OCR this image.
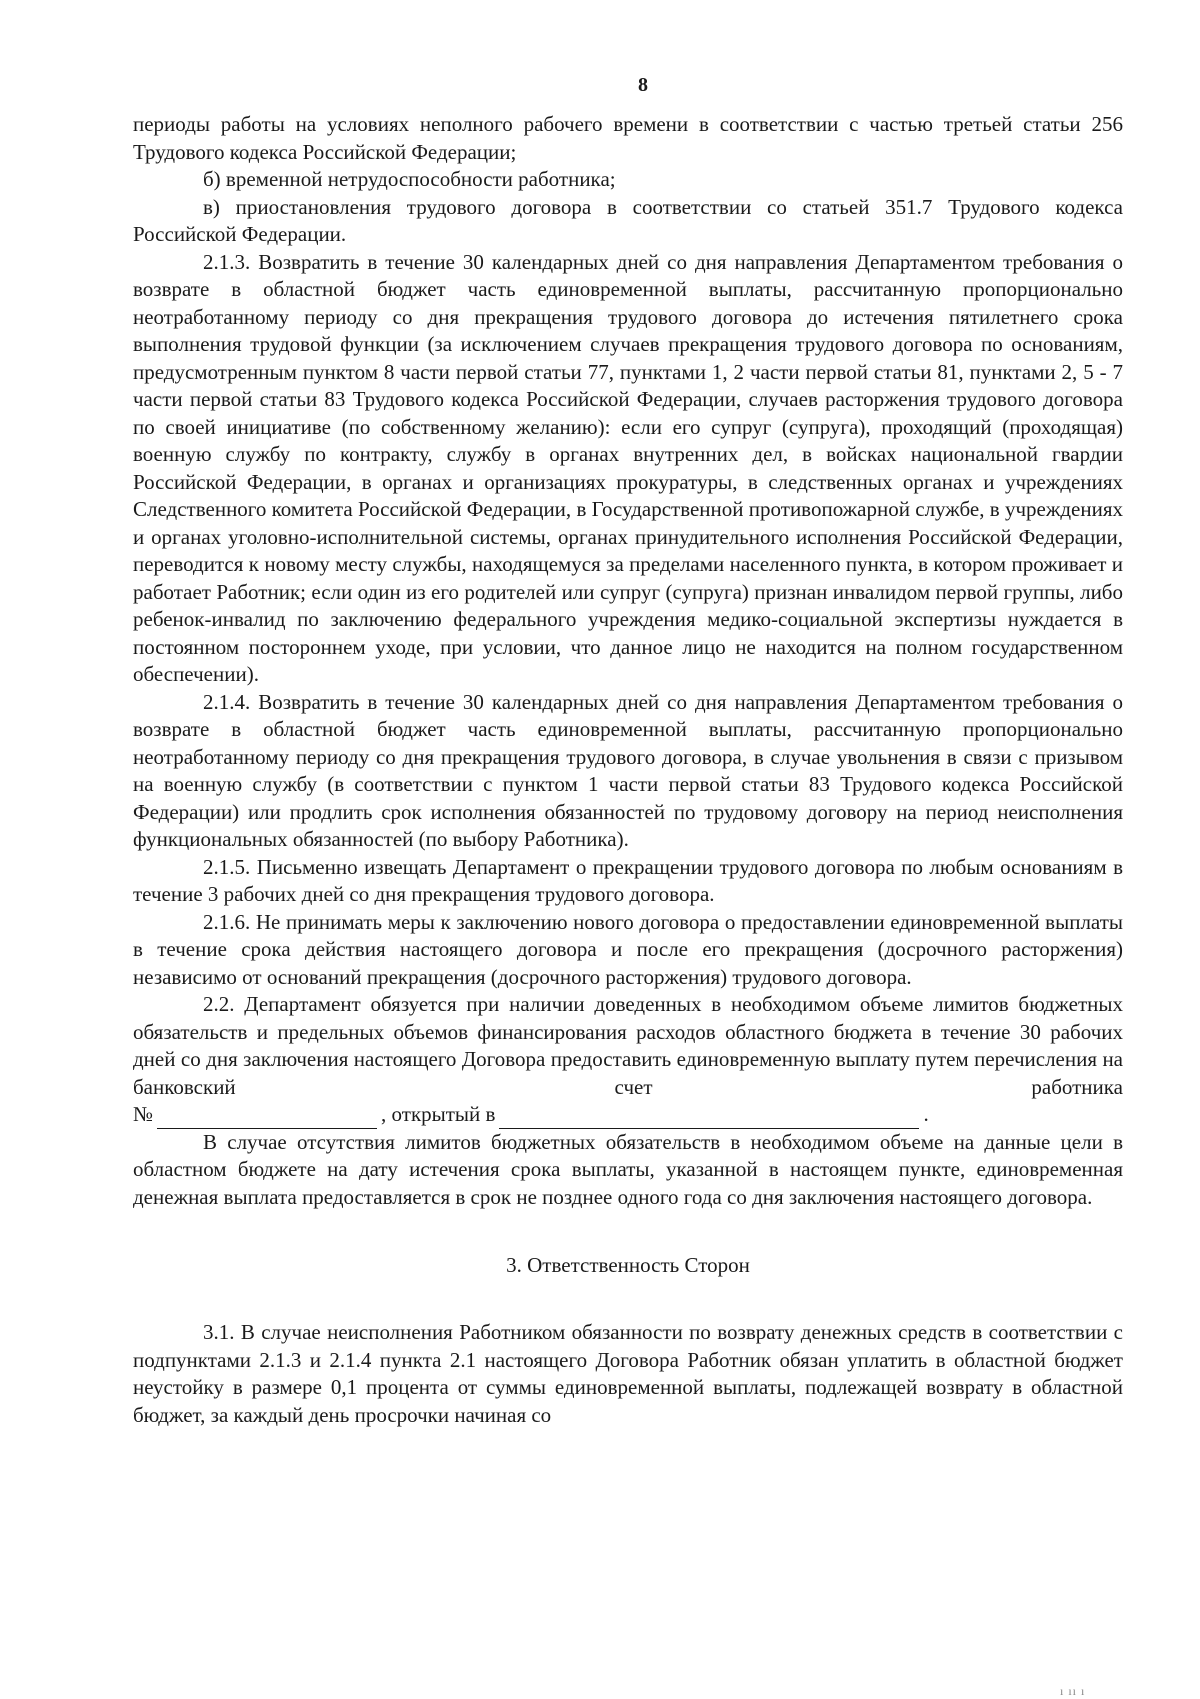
8

периоды работы на условиях неполного рабочего времени в соответствии с частью третьей статьи 256 Трудового кодекса Российской Федерации;

б) временной нетрудоспособности работника;

в) приостановления трудового договора в соответствии со статьей 351.7 Трудового кодекса Российской Федерации.

2.1.3. Возвратить в течение 30 календарных дней со дня направления Департаментом требования о возврате в областной бюджет часть единовременной выплаты, рассчитанную пропорционально неотработанному периоду со дня прекращения трудового договора до истечения пятилетнего срока выполнения трудовой функции (за исключением случаев прекращения трудового договора по основаниям, предусмотренным пунктом 8 части первой статьи 77, пунктами 1, 2 части первой статьи 81, пунктами 2, 5 - 7 части первой статьи 83 Трудового кодекса Российской Федерации, случаев расторжения трудового договора по своей инициативе (по собственному желанию): если его супруг (супруга), проходящий (проходящая) военную службу по контракту, службу в органах внутренних дел, в войсках национальной гвардии Российской Федерации, в органах и организациях прокуратуры, в следственных органах и учреждениях Следственного комитета Российской Федерации, в Государственной противопожарной службе, в учреждениях и органах уголовно-исполнительной системы, органах принудительного исполнения Российской Федерации, переводится к новому месту службы, находящемуся за пределами населенного пункта, в котором проживает и работает Работник; если один из его родителей или супруг (супруга) признан инвалидом первой группы, либо ребенок-инвалид по заключению федерального учреждения медико-социальной экспертизы нуждается в постоянном постороннем уходе, при условии, что данное лицо не находится на полном государственном обеспечении).

2.1.4. Возвратить в течение 30 календарных дней со дня направления Департаментом требования о возврате в областной бюджет часть единовременной выплаты, рассчитанную пропорционально неотработанному периоду со дня прекращения трудового договора, в случае увольнения в связи с призывом на военную службу (в соответствии с пунктом 1 части первой статьи 83 Трудового кодекса Российской Федерации) или продлить срок исполнения обязанностей по трудовому договору на период неисполнения функциональных обязанностей (по выбору Работника).

2.1.5. Письменно извещать Департамент о прекращении трудового договора по любым основаниям в течение 3 рабочих дней со дня прекращения трудового договора.

2.1.6. Не принимать меры к заключению нового договора о предоставлении единовременной выплаты в течение срока действия настоящего договора и после его прекращения (досрочного расторжения) независимо от оснований прекращения (досрочного расторжения) трудового договора.

2.2. Департамент обязуется при наличии доведенных в необходимом объеме лимитов бюджетных обязательств и предельных объемов финансирования расходов областного бюджета в течение 30 рабочих дней со дня заключения настоящего Договора предоставить единовременную выплату путем перечисления на банковский счет работника

№	, открытый в	.

В случае отсутствия лимитов бюджетных обязательств в необходимом объеме на данные цели в областном бюджете на дату истечения срока выплаты, указанной в настоящем пункте, единовременная денежная выплата предоставляется в срок не позднее одного года со дня заключения настоящего договора.

3. Ответственность Сторон

3.1. В случае неисполнения Работником обязанности по возврату денежных средств в соответствии с подпунктами 2.1.3 и 2.1.4 пункта 2.1 настоящего Договора Работник обязан уплатить в областной бюджет неустойку в размере 0,1 процента от суммы единовременной выплаты, подлежащей возврату в областной бюджет, за каждый день просрочки начиная со

ı ıı ı
